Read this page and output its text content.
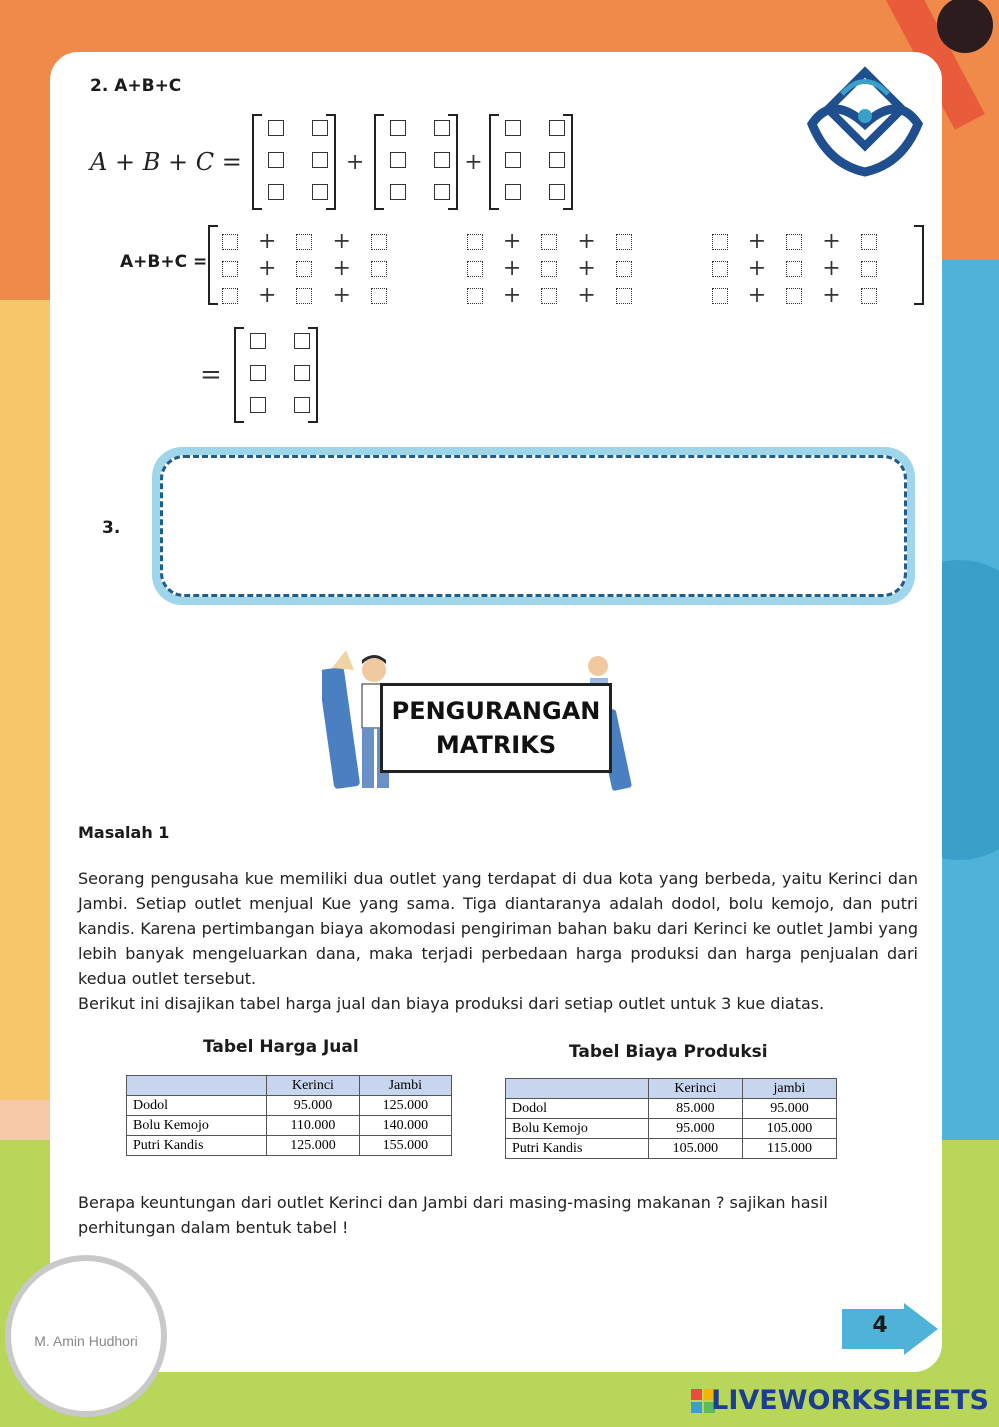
2. A+B+C
A + B + C =	+	+
A+B+C =
+	+	+	+	+	+
+	+	+	+	+	+
+	+	+	+	+	+
=
3.
PENGURANGAN
MATRIKS
Masalah 1
Seorang pengusaha kue memiliki dua outlet yang terdapat di dua kota yang berbeda, yaitu Kerinci dan Jambi. Setiap outlet menjual Kue yang sama. Tiga diantaranya adalah dodol, bolu kemojo, dan putri kandis. Karena pertimbangan biaya akomodasi pengiriman bahan baku dari Kerinci ke outlet Jambi yang lebih banyak mengeluarkan dana, maka terjadi perbedaan harga produksi dan harga penjualan dari kedua outlet tersebut.
Berikut ini disajikan tabel harga jual dan biaya produksi dari setiap outlet untuk 3 kue diatas.
Tabel Harga Jual
	Kerinci	Jambi
Dodol	95.000	125.000
Bolu Kemojo	110.000	140.000
Putri Kandis	125.000	155.000
Tabel Biaya Produksi
	Kerinci	jambi
Dodol	85.000	95.000
Bolu Kemojo	95.000	105.000
Putri Kandis	105.000	115.000
Berapa keuntungan dari outlet Kerinci dan Jambi dari masing-masing makanan ? sajikan hasil perhitungan dalam bentuk tabel !
M. Amin Hudhori
4
LIVEWORKSHEETS
